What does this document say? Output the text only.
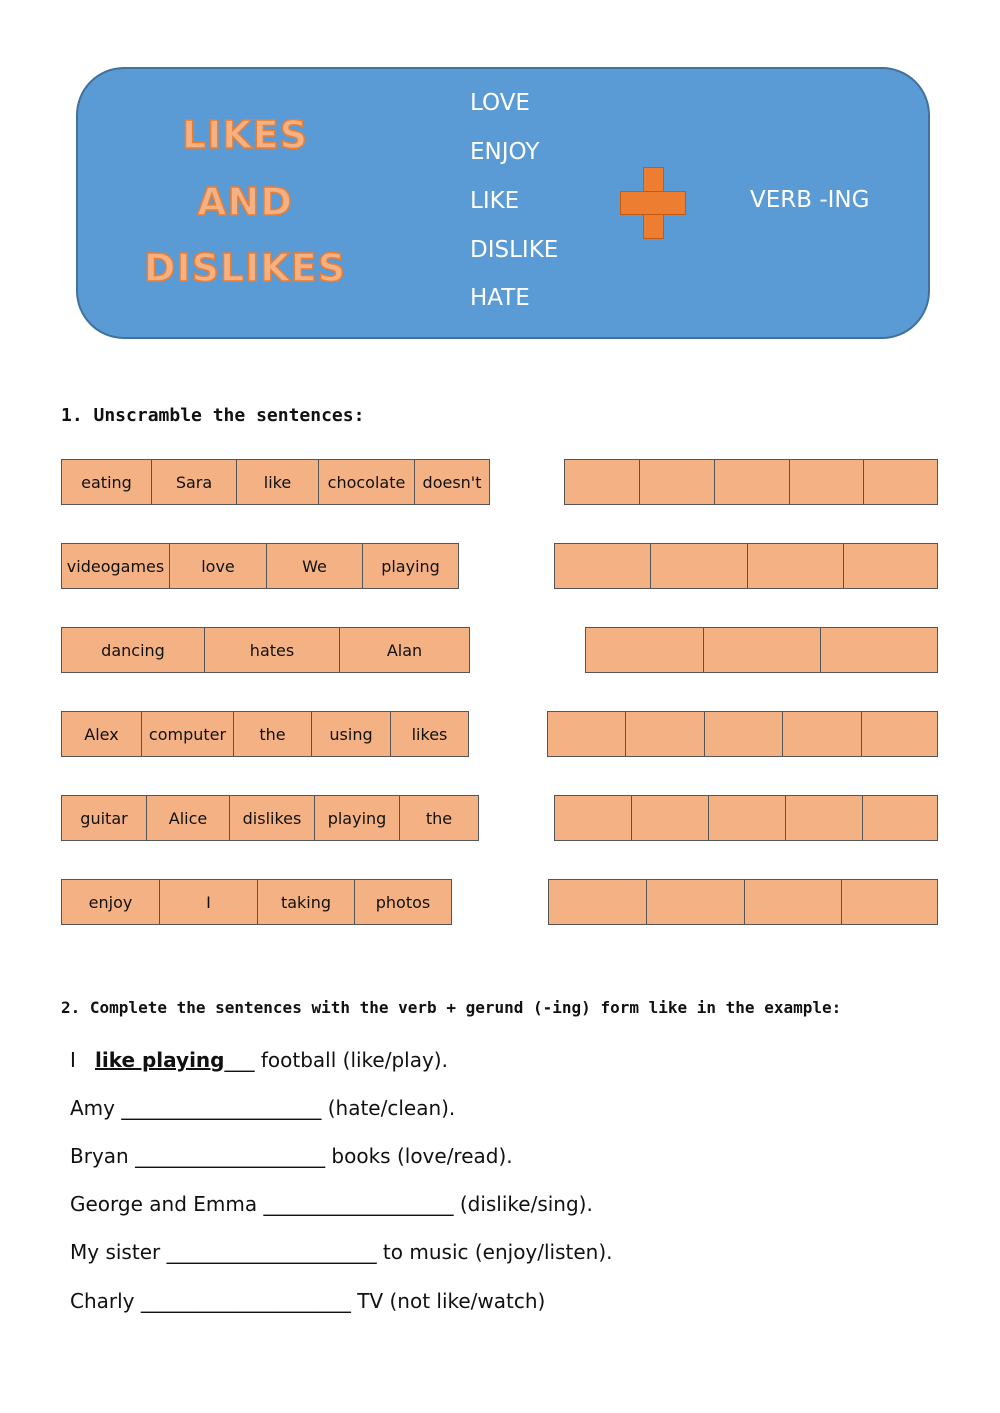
LIKES
AND
DISLIKES
LOVE
ENJOY
LIKE
DISLIKE
HATE
VERB -ING
1. Unscramble the sentences:
eating	Sara	like	chocolate	doesn't
videogames	love	We	playing
dancing	hates	Alan
Alex	computer	the	using	likes
guitar	Alice	dislikes	playing	the
enjoy	I	taking	photos
2. Complete the sentences with the verb + gerund (-ing) form like in the example:
I like playing___ football (like/play).
Amy ____________________ (hate/clean).
Bryan ___________________ books (love/read).
George and Emma ___________________ (dislike/sing).
My sister _____________________ to music (enjoy/listen).
Charly _____________________ TV (not like/watch)
